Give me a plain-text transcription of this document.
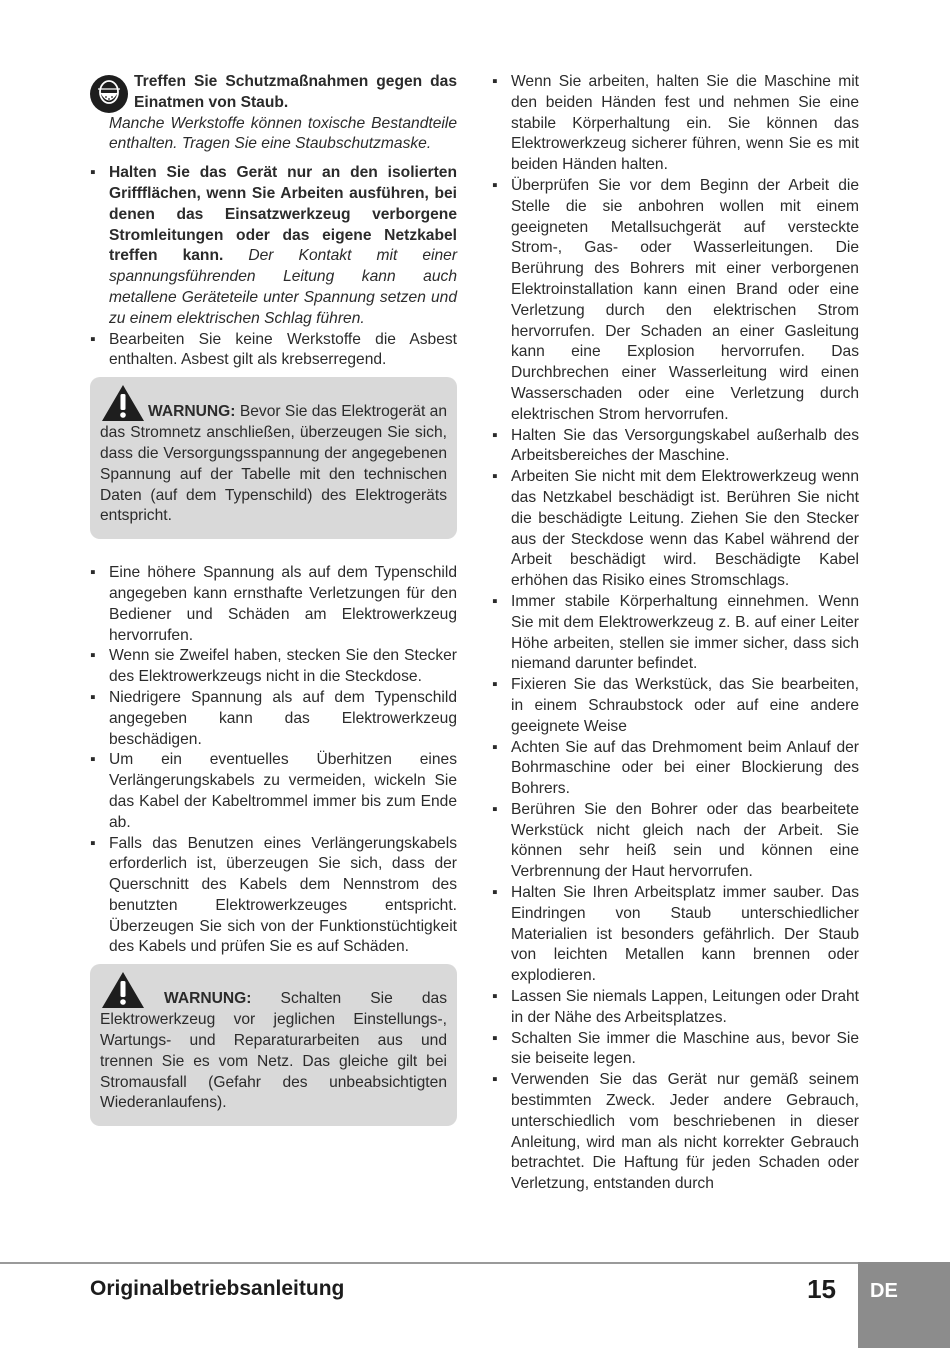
Treffen Sie Schutzmaßnahmen gegen das Einatmen von Staub. Manche Werkstoffe können toxische Bestandteile enthalten. Tragen Sie eine Staubschutzmaske.

▪ Halten Sie das Gerät nur an den isolierten Griffflächen, wenn Sie Arbeiten ausführen, bei denen das Einsatzwerkzeug verborgene Stromleitungen oder das eigene Netzkabel treffen kann. Der Kontakt mit einer spannungsführenden Leitung kann auch metallene Geräteteile unter Spannung setzen und zu einem elektrischen Schlag führen.

▪ Bearbeiten Sie keine Werkstoffe die Asbest enthalten. Asbest gilt als krebserregend.

WARNUNG: Bevor Sie das Elektrogerät an das Stromnetz anschließen, überzeugen Sie sich, dass die Versorgungsspannung der angegebenen Spannung auf der Tabelle mit den technischen Daten (auf dem Typenschild) des Elektrogeräts entspricht.

▪ Eine höhere Spannung als auf dem Typenschild angegeben kann ernsthafte Verletzungen für den Bediener und Schäden am Elektrowerkzeug hervorrufen.

▪ Wenn sie Zweifel haben, stecken Sie den Stecker des Elektrowerkzeugs nicht in die Steckdose.

▪ Niedrigere Spannung als auf dem Typenschild angegeben kann das Elektrowerkzeug beschädigen.

▪ Um ein eventuelles Überhitzen eines Verlängerungskabels zu vermeiden, wickeln Sie das Kabel der Kabeltrommel immer bis zum Ende ab.

▪ Falls das Benutzen eines Verlängerungskabels erforderlich ist, überzeugen Sie sich, dass der Querschnitt des Kabels dem Nennstrom des benutzten Elektrowerkzeuges entspricht. Überzeugen Sie sich von der Funktionstüchtigkeit des Kabels und prüfen Sie es auf Schäden.

WARNUNG: Schalten Sie das Elektrowerkzeug vor jeglichen Einstellungs-, Wartungs- und Reparaturarbeiten aus und trennen Sie es vom Netz. Das gleiche gilt bei Stromausfall (Gefahr des unbeabsichtigten Wiederanlaufens).

▪ Wenn Sie arbeiten, halten Sie die Maschine mit den beiden Händen fest und nehmen Sie eine stabile Körperhaltung ein. Sie können das Elektrowerkzeug sicherer führen, wenn Sie es mit beiden Händen halten.

▪ Überprüfen Sie vor dem Beginn der Arbeit die Stelle die sie anbohren wollen mit einem geeigneten Metallsuchgerät auf versteckte Strom-, Gas- oder Wasserleitungen. Die Berührung des Bohrers mit einer verborgenen Elektroinstallation kann einen Brand oder eine Verletzung durch den elektrischen Strom hervorrufen. Der Schaden an einer Gasleitung kann eine Explosion hervorrufen. Das Durchbrechen einer Wasserleitung wird einen Wasserschaden oder eine Verletzung durch elektrischen Strom hervorrufen.

▪ Halten Sie das Versorgungskabel außerhalb des Arbeitsbereiches der Maschine.

▪ Arbeiten Sie nicht mit dem Elektrowerkzeug wenn das Netzkabel beschädigt ist. Berühren Sie nicht die beschädigte Leitung. Ziehen Sie den Stecker aus der Steckdose wenn das Kabel während der Arbeit beschädigt wird. Beschädigte Kabel erhöhen das Risiko eines Stromschlags.

▪ Immer stabile Körperhaltung einnehmen. Wenn Sie mit dem Elektrowerkzeug z. B. auf einer Leiter Höhe arbeiten, stellen sie immer sicher, dass sich niemand darunter befindet.

▪ Fixieren Sie das Werkstück, das Sie bearbeiten, in einem Schraubstock oder auf eine andere geeignete Weise

▪ Achten Sie auf das Drehmoment beim Anlauf der Bohrmaschine oder bei einer Blockierung des Bohrers.

▪ Berühren Sie den Bohrer oder das bearbeitete Werkstück nicht gleich nach der Arbeit. Sie können sehr heiß sein und können eine Verbrennung der Haut hervorrufen.

▪ Halten Sie Ihren Arbeitsplatz immer sauber. Das Eindringen von Staub unterschiedlicher Materialien ist besonders gefährlich. Der Staub von leichten Metallen kann brennen oder explodieren.

▪ Lassen Sie niemals Lappen, Leitungen oder Draht in der Nähe des Arbeitsplatzes.

▪ Schalten Sie immer die Maschine aus, bevor Sie sie beiseite legen.

▪ Verwenden Sie das Gerät nur gemäß seinem bestimmten Zweck. Jeder andere Gebrauch, unterschiedlich vom beschriebenen in dieser Anleitung, wird man als nicht korrekter Gebrauch betrachtet. Die Haftung für jeden Schaden oder Verletzung, entstanden durch

Originalbetriebsanleitung	15 DE
